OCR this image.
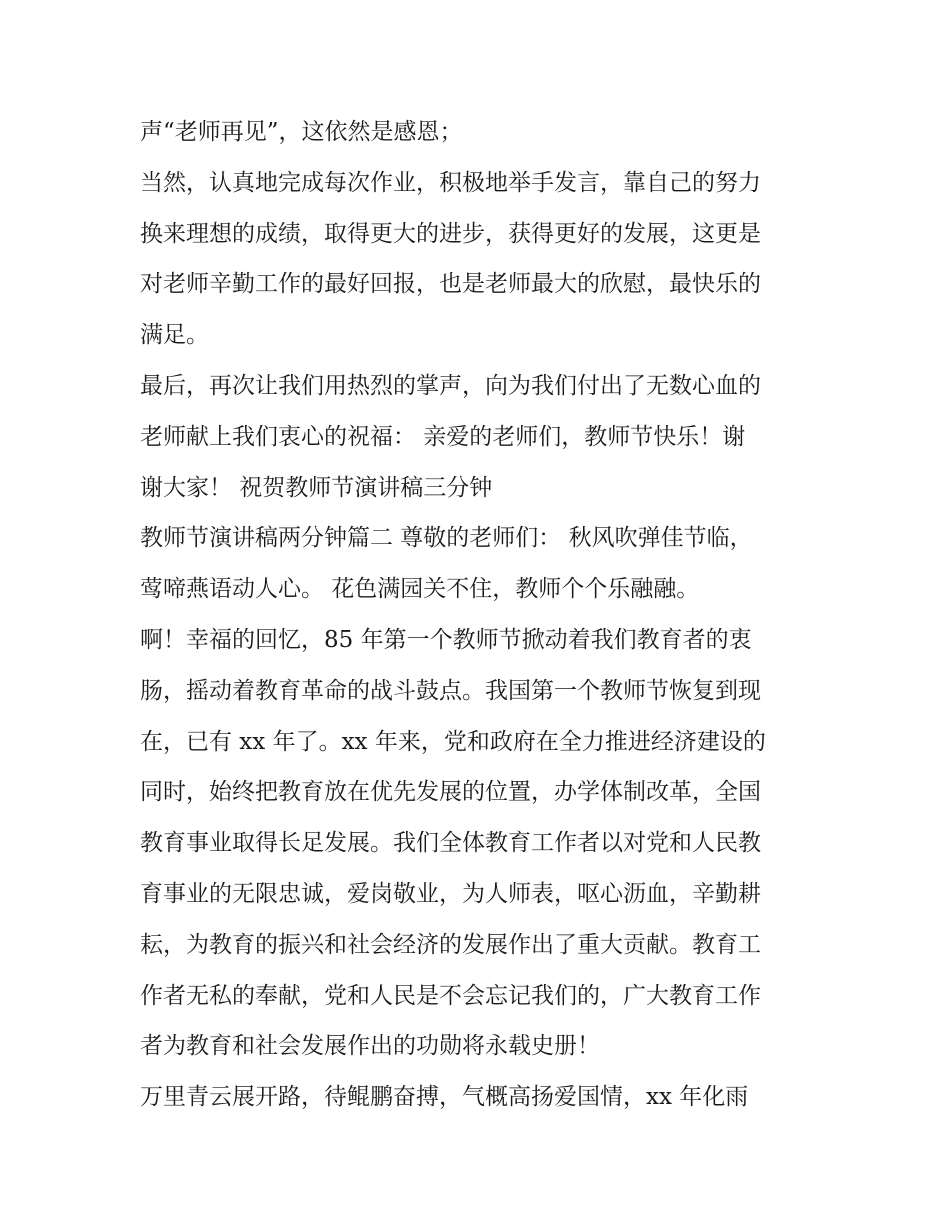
声“老师再见”，这依然是感恩；
当然，认真地完成每次作业，积极地举手发言，靠自己的努力
换来理想的成绩，取得更大的进步，获得更好的发展，这更是
对老师辛勤工作的最好回报，也是老师最大的欣慰，最快乐的
满足。
最后，再次让我们用热烈的掌声，向为我们付出了无数心血的
老师献上我们衷心的祝福： 亲爱的老师们，教师节快乐！谢
谢大家！ 祝贺教师节演讲稿三分钟
教师节演讲稿两分钟篇二 尊敬的老师们： 秋风吹弹佳节临，
莺啼燕语动人心。 花色满园关不住，教师个个乐融融。
啊！幸福的回忆，85 年第一个教师节掀动着我们教育者的衷
肠，摇动着教育革命的战斗鼓点。我国第一个教师节恢复到现
在，已有 xx 年了。xx 年来，党和政府在全力推进经济建设的
同时，始终把教育放在优先发展的位置，办学体制改革，全国
教育事业取得长足发展。我们全体教育工作者以对党和人民教
育事业的无限忠诚，爱岗敬业，为人师表，呕心沥血，辛勤耕
耘，为教育的振兴和社会经济的发展作出了重大贡献。教育工
作者无私的奉献，党和人民是不会忘记我们的，广大教育工作
者为教育和社会发展作出的功勋将永载史册！
万里青云展开路，待鲲鹏奋搏，气概高扬爱国情，xx 年化雨
